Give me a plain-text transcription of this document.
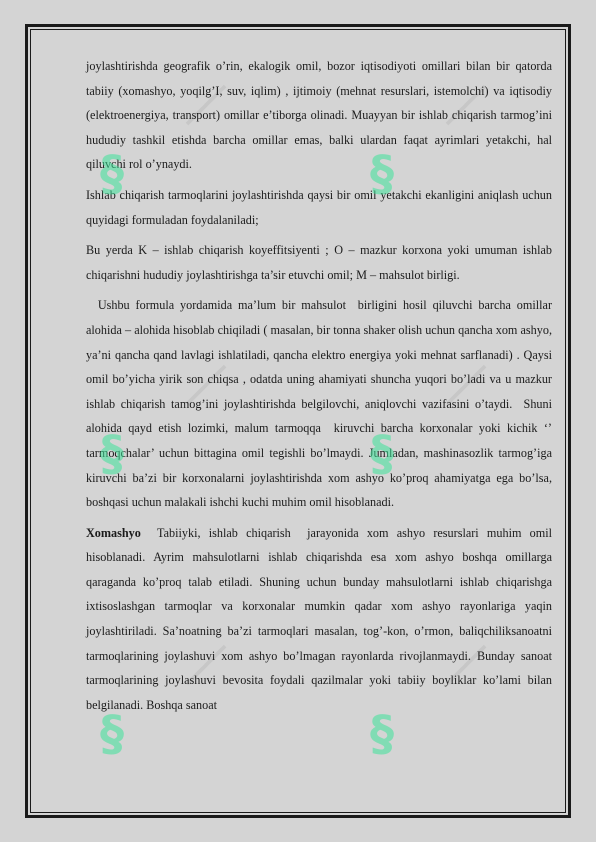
──	──
──	──
──	──

joylashtirishda geografik o’rin, ekalogik omil, bozor iqtisodiyoti omillari bilan bir qatorda tabiiy (xomashyo, yoqilg’I, suv, iqlim) , ijtimoiy (mehnat resurslari, istemolchi) va iqtisodiy (elektroenergiya, transport) omillar e’tiborga olinadi. Muayyan bir ishlab chiqarish tarmog’ini hududiy tashkil etishda barcha omillar emas, balki ulardan faqat ayrimlari yetakchi, hal qiluvchi rol o’ynaydi.

Ishlab chiqarish tarmoqlarini joylashtirishda qaysi bir omil yetakchi ekanligini aniqlash uchun quyidagi formuladan foydalaniladi;

Bu yerda K – ishlab chiqarish koyeffitsiyenti ; O – mazkur korxona yoki umuman ishlab chiqarishni hududiy joylashtirishga ta’sir etuvchi omil; M – mahsulot birligi.

Ushbu formula yordamida ma’lum bir mahsulot  birligini hosil qiluvchi barcha omillar alohida – alohida hisoblab chiqiladi ( masalan, bir tonna shaker olish uchun qancha xom ashyo, ya’ni qancha qand lavlagi ishlatiladi, qancha elektro energiya yoki mehnat sarflanadi) . Qaysi omil bo’yicha yirik son chiqsa , odatda uning ahamiyati shuncha yuqori bo’ladi va u mazkur ishlab chiqarish tamog’ini joylashtirishda belgilovchi, aniqlovchi vazifasini o’taydi.  Shuni alohida qayd etish lozimki, malum tarmoqqa  kiruvchi barcha korxonalar yoki kichik ‘’ tarmoqchalar’ uchun bittagina omil tegishli bo’lmaydi. Jumladan, mashinasozlik tarmog’iga kiruvchi ba’zi bir korxonalarni joylashtirishda xom ashyo ko’proq ahamiyatga ega bo’lsa, boshqasi uchun malakali ishchi kuchi muhim omil hisoblanadi.

Xomashyo  Tabiiyki, ishlab chiqarish  jarayonida xom ashyo resurslari muhim omil hisoblanadi. Ayrim mahsulotlarni ishlab chiqarishda esa xom ashyo boshqa omillarga qaraganda ko’proq talab etiladi. Shuning uchun bunday mahsulotlarni ishlab chiqarishga ixtisoslashgan tarmoqlar va korxonalar mumkin qadar xom ashyo rayonlariga yaqin joylashtiriladi. Sa’noatning ba’zi tarmoqlari masalan, tog’-kon, o’rmon, baliqchiliksanoatni tarmoqlarining joylashuvi xom ashyo bo’lmagan rayonlarda rivojlanmaydi. Bunday sanoat tarmoqlarining joylashuvi bevosita foydali qazilmalar yoki tabiiy boyliklar ko’lami bilan belgilanadi. Boshqa sanoat

§	§
§	§
§	§
